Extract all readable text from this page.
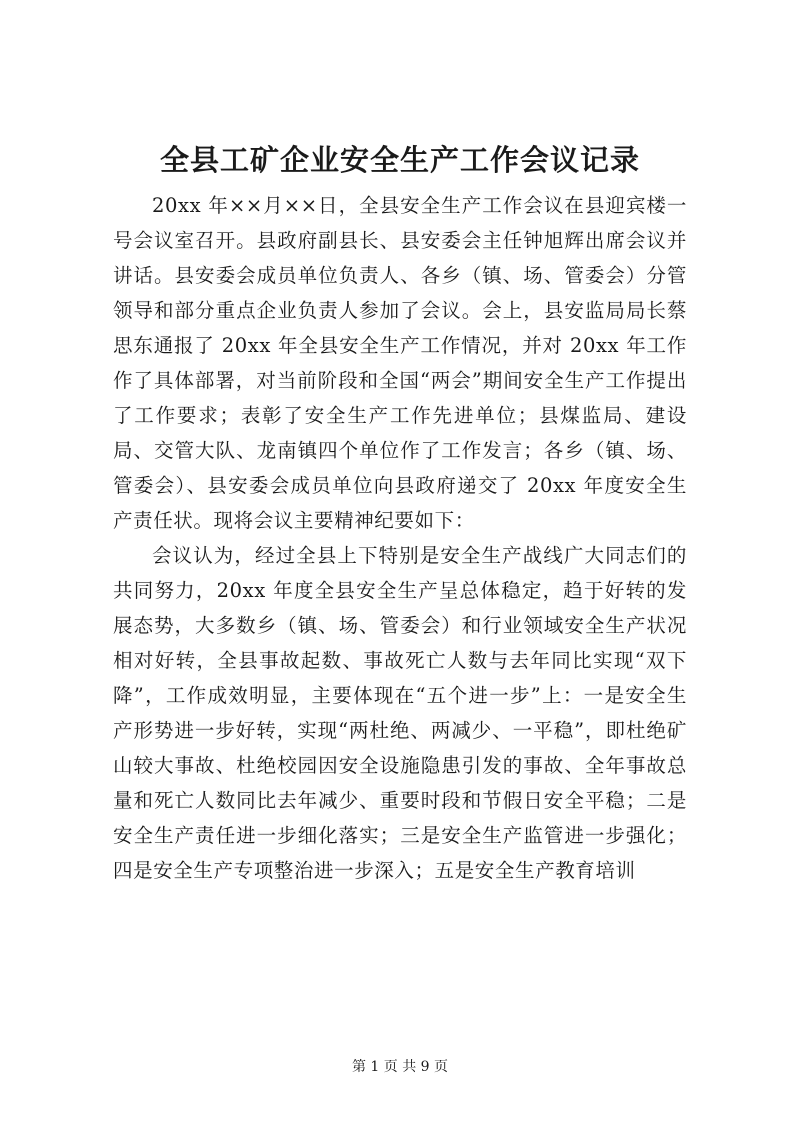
全县工矿企业安全生产工作会议记录

20xx 年××月××日，全县安全生产工作会议在县迎宾楼一号会议室召开。县政府副县长、县安委会主任钟旭辉出席会议并讲话。县安委会成员单位负责人、各乡（镇、场、管委会）分管领导和部分重点企业负责人参加了会议。会上，县安监局局长蔡思东通报了 20xx 年全县安全生产工作情况，并对 20xx 年工作作了具体部署，对当前阶段和全国“两会”期间安全生产工作提出了工作要求；表彰了安全生产工作先进单位；县煤监局、建设局、交管大队、龙南镇四个单位作了工作发言；各乡（镇、场、管委会）、县安委会成员单位向县政府递交了 20xx 年度安全生产责任状。现将会议主要精神纪要如下：

会议认为，经过全县上下特别是安全生产战线广大同志们的共同努力，20xx 年度全县安全生产呈总体稳定，趋于好转的发展态势，大多数乡（镇、场、管委会）和行业领域安全生产状况相对好转，全县事故起数、事故死亡人数与去年同比实现“双下降”，工作成效明显，主要体现在“五个进一步”上：一是安全生产形势进一步好转，实现“两杜绝、两减少、一平稳”，即杜绝矿山较大事故、杜绝校园因安全设施隐患引发的事故、全年事故总量和死亡人数同比去年减少、重要时段和节假日安全平稳；二是安全生产责任进一步细化落实；三是安全生产监管进一步强化；四是安全生产专项整治进一步深入；五是安全生产教育培训

第 1 页 共 9 页
